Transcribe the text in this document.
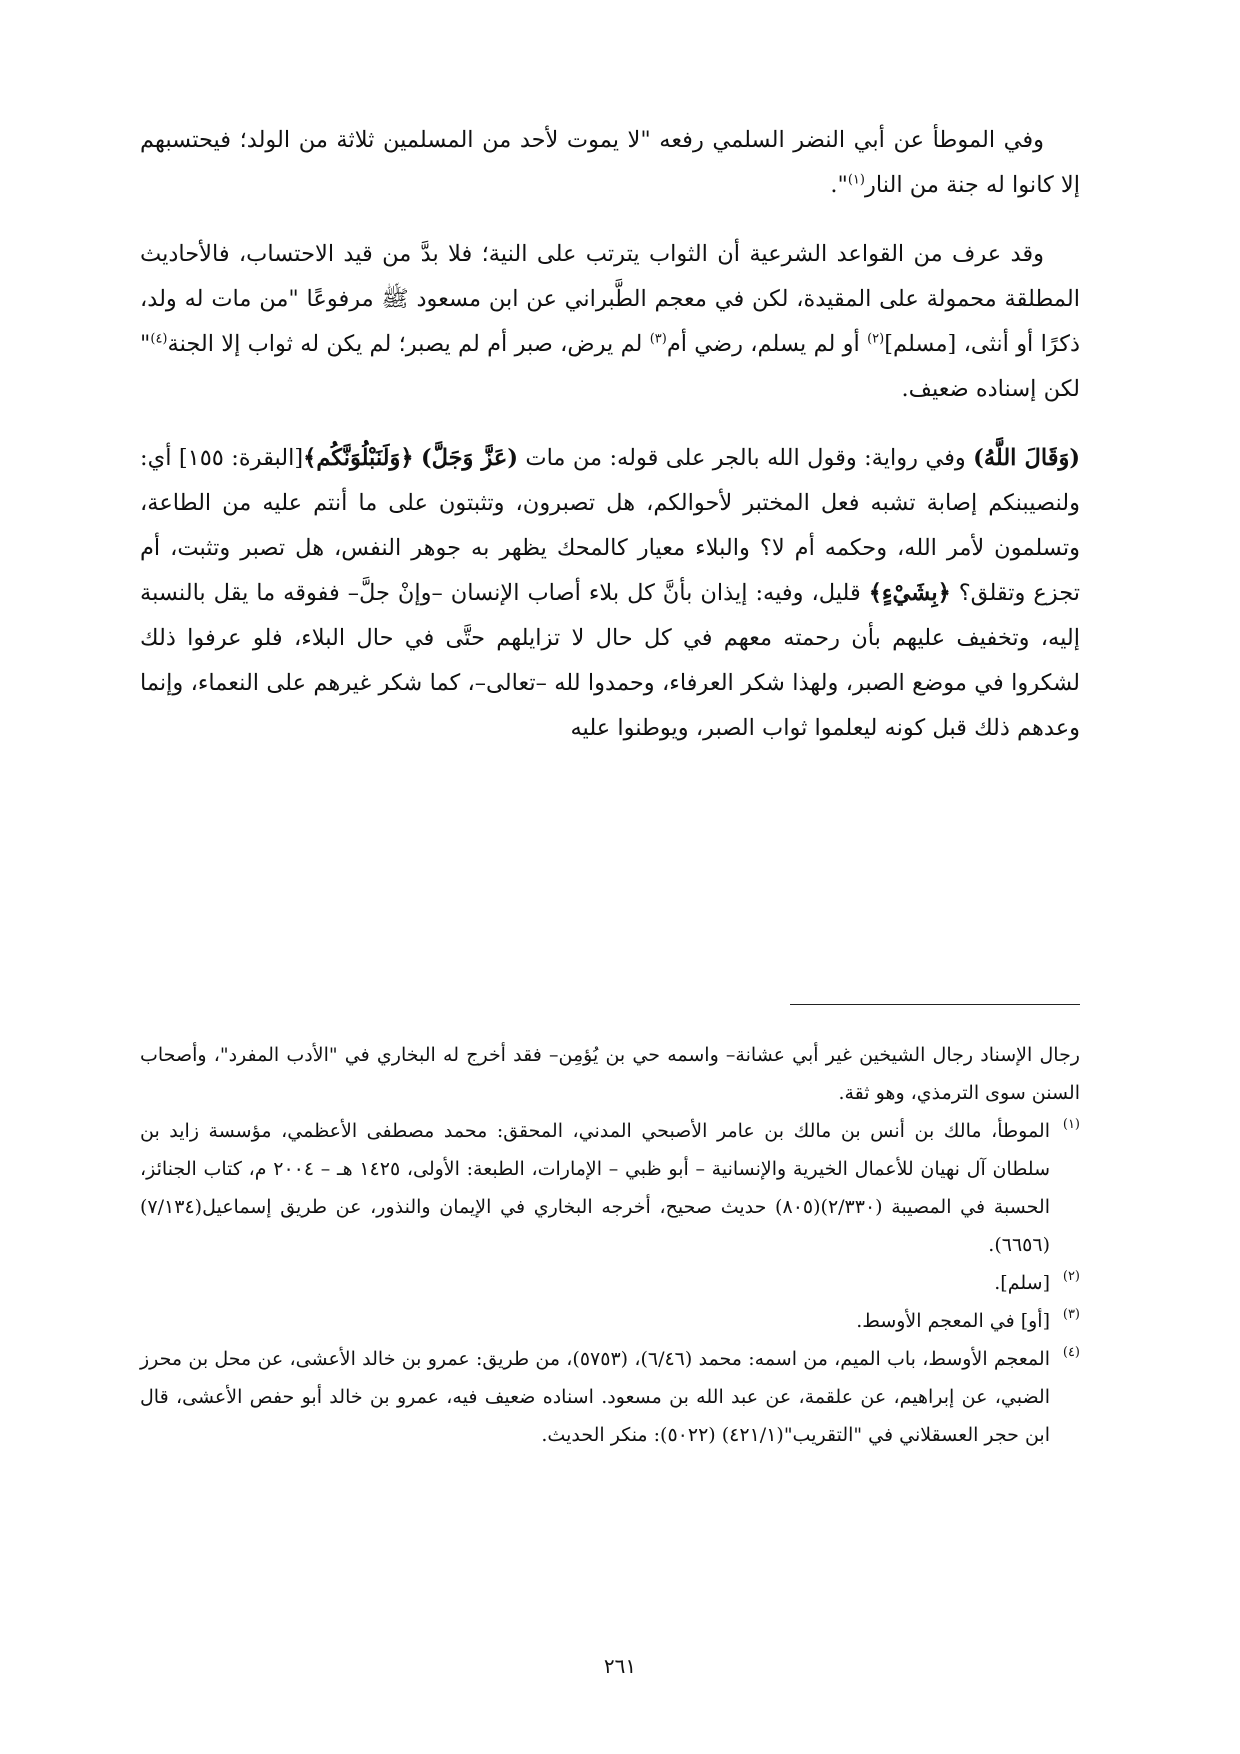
وفي الموطأ عن أبي النضر السلمي رفعه "لا يموت لأحد من المسلمين ثلاثة من الولد؛ فيحتسبهم إلا كانوا له جنة من النار$^{(١)}$".

وقد عرف من القواعد الشرعية أن الثواب يترتب على النية؛ فلا بدَّ من قيد الاحتساب، فالأحاديث المطلقة محمولة على المقيدة، لكن في معجم الطَّبراني عن ابن مسعود ﷺ مرفوعًا "من مات له ولد، ذكرًا أو أنثى، [مسلم]$^{(٢)}$ أو لم يسلم، رضي أم$^{(٣)}$ لم يرض، صبر أم لم يصبر؛ لم يكن له ثواب إلا الجنة$^{(٤)}$" لكن إسناده ضعيف.

(وَقَالَ اللَّهُ) وفي رواية: وقول الله بالجر على قوله: من مات (عَزَّ وَجَلَّ) ﴿وَلَنَبْلُوَنَّكُم﴾[البقرة: ١٥٥] أي: ولنصيبنكم إصابة تشبه فعل المختبر لأحوالكم، هل تصبرون، وتثبتون على ما أنتم عليه من الطاعة، وتسلمون لأمر الله، وحكمه أم لا؟ والبلاء معيار كالمحك يظهر به جوهر النفس، هل تصبر وتثبت، أم تجزع وتقلق؟ ﴿بِشَيْءٍ﴾ قليل، وفيه: إيذان بأنَّ كل بلاء أصاب الإنسان –وإنْ جلَّ– ففوقه ما يقل بالنسبة إليه، وتخفيف عليهم بأن رحمته معهم في كل حال لا تزايلهم حتَّى في حال البلاء، فلو عرفوا ذلك لشكروا في موضع الصبر، ولهذا شكر العرفاء، وحمدوا لله –تعالى–، كما شكر غيرهم على النعماء، وإنما وعدهم ذلك قبل كونه ليعلموا ثواب الصبر، ويوطنوا عليه

رجال الإسناد رجال الشيخين غير أبي عشانة– واسمه حي بن يُؤمِن– فقد أخرج له البخاري في "الأدب المفرد"، وأصحاب السنن سوى الترمذي، وهو ثقة.

(١)
الموطأ، مالك بن أنس بن مالك بن عامر الأصبحي المدني، المحقق: محمد مصطفى الأعظمي، مؤسسة زايد بن سلطان آل نهيان للأعمال الخيرية والإنسانية – أبو ظبي – الإمارات، الطبعة: الأولى، ١٤٢٥ هـ – ٢٠٠٤ م، كتاب الجنائز، الحسبة في المصيبة (٢/٣٣٠)(٨٠٥) حديث صحيح، أخرجه البخاري في الإيمان والنذور، عن طريق إسماعيل(٧/١٣٤)(٦٦٥٦).

(٢)
[سلم].

(٣)
[أو] في المعجم الأوسط.

(٤)
المعجم الأوسط، باب الميم، من اسمه: محمد (٦/٤٦)، (٥٧٥٣)، من طريق: عمرو بن خالد الأعشى، عن محل بن محرز الضبي، عن إبراهيم، عن علقمة، عن عبد الله بن مسعود. اسناده ضعيف فيه، عمرو بن خالد أبو حفص الأعشى، قال ابن حجر العسقلاني في "التقريب"(٤٢١/١) (٥٠٢٢): منكر الحديث.

٢٦١
